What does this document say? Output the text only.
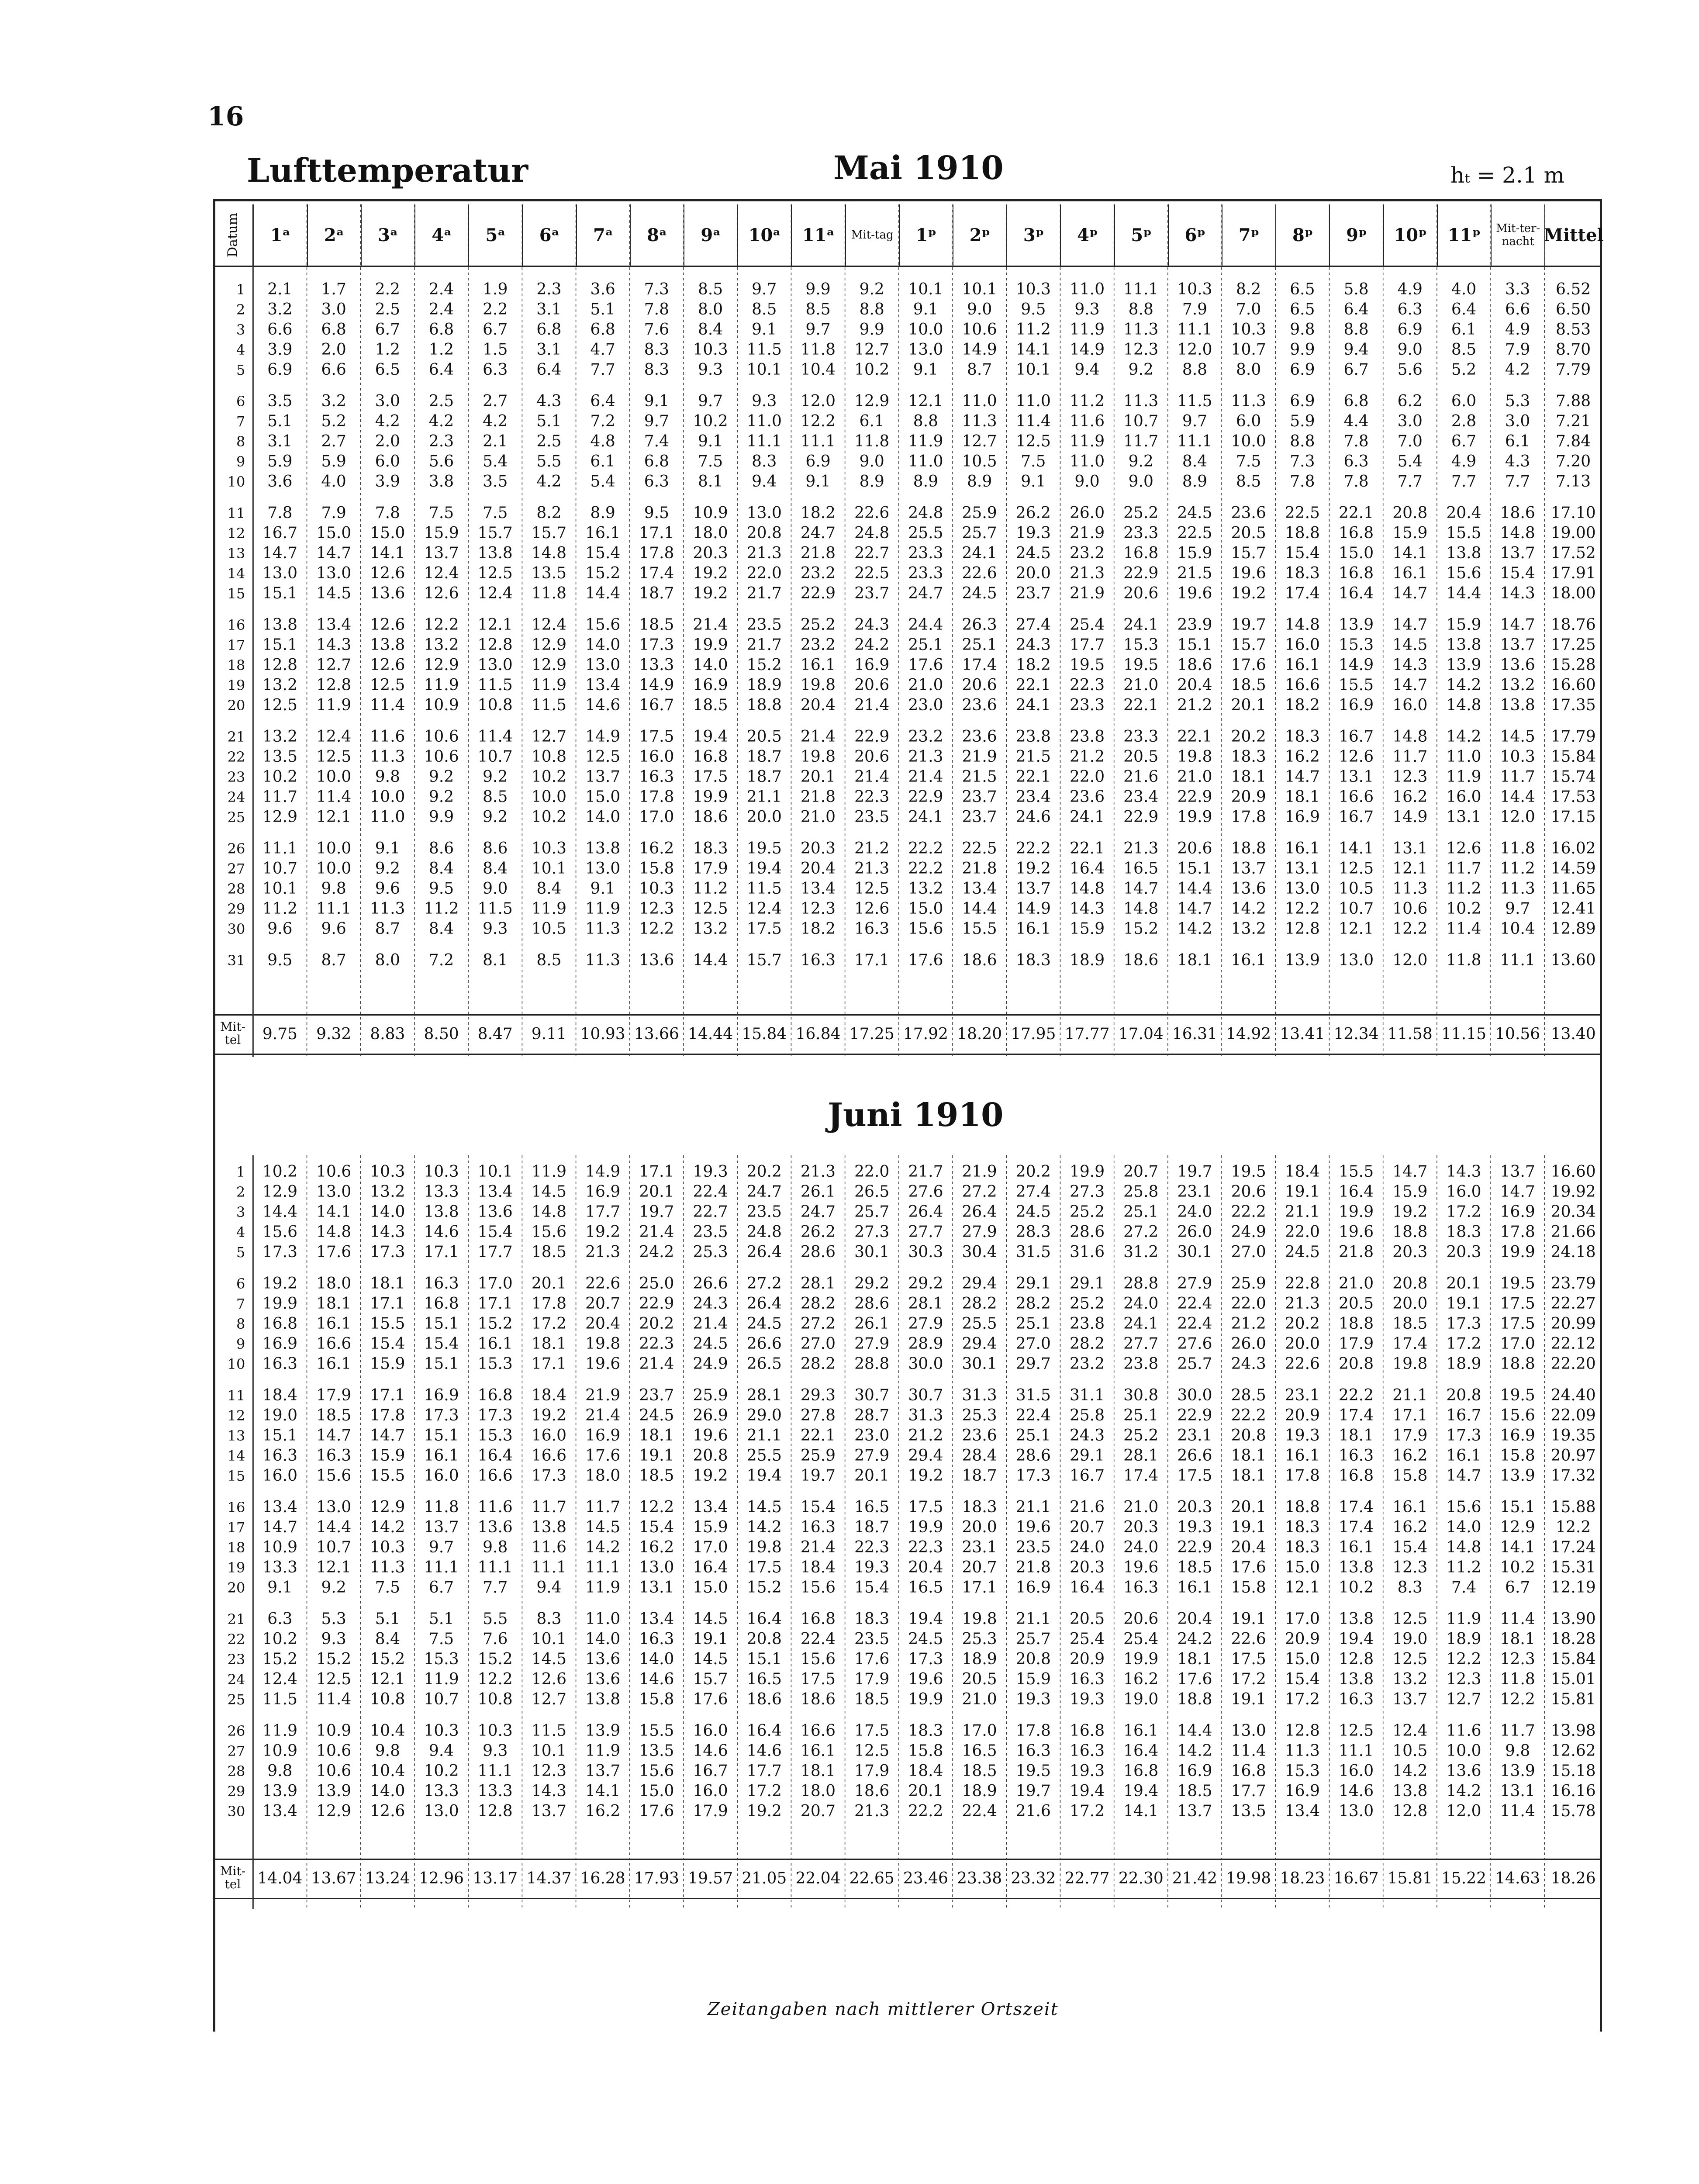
16
Lufttemperatur	Mai 1910	hₜ = 2.1 m
Datum	1ᵃ	2ᵃ	3ᵃ	4ᵃ	5ᵃ	6ᵃ	7ᵃ	8ᵃ	9ᵃ	10ᵃ	11ᵃ	Mit-tag	1ᵖ	2ᵖ	3ᵖ	4ᵖ	5ᵖ	6ᵖ	7ᵖ	8ᵖ	9ᵖ	10ᵖ	11ᵖ	Mit-ter-nacht Mittel
1	2.1	1.7	2.2	2.4	1.9	2.3	3.6	7.3	8.5	9.7	9.9	9.2	10.1	10.1	10.3	11.0	11.1	10.3	8.2	6.5	5.8	4.9	4.0	3.3	6.52
2	3.2	3.0	2.5	2.4	2.2	3.1	5.1	7.8	8.0	8.5	8.5	8.8	9.1	9.0	9.5	9.3	8.8	7.9	7.0	6.5	6.4	6.3	6.4	6.6	6.50
3	6.6	6.8	6.7	6.8	6.7	6.8	6.8	7.6	8.4	9.1	9.7	9.9	10.0	10.6	11.2	11.9	11.3	11.1	10.3	9.8	8.8	6.9	6.1	4.9	8.53
4	3.9	2.0	1.2	1.2	1.5	3.1	4.7	8.3	10.3	11.5	11.8	12.7	13.0	14.9	14.1	14.9	12.3	12.0	10.7	9.9	9.4	9.0	8.5	7.9	8.70
5	6.9	6.6	6.5	6.4	6.3	6.4	7.7	8.3	9.3	10.1	10.4	10.2	9.1	8.7	10.1	9.4	9.2	8.8	8.0	6.9	6.7	5.6	5.2	4.2	7.79
6	3.5	3.2	3.0	2.5	2.7	4.3	6.4	9.1	9.7	9.3	12.0	12.9	12.1	11.0	11.0	11.2	11.3	11.5	11.3	6.9	6.8	6.2	6.0	5.3	7.88
7	5.1	5.2	4.2	4.2	4.2	5.1	7.2	9.7	10.2	11.0	12.2	6.1	8.8	11.3	11.4	11.6	10.7	9.7	6.0	5.9	4.4	3.0	2.8	3.0	7.21
8	3.1	2.7	2.0	2.3	2.1	2.5	4.8	7.4	9.1	11.1	11.1	11.8	11.9	12.7	12.5	11.9	11.7	11.1	10.0	8.8	7.8	7.0	6.7	6.1	7.84
9	5.9	5.9	6.0	5.6	5.4	5.5	6.1	6.8	7.5	8.3	6.9	9.0	11.0	10.5	7.5	11.0	9.2	8.4	7.5	7.3	6.3	5.4	4.9	4.3	7.20
10	3.6	4.0	3.9	3.8	3.5	4.2	5.4	6.3	8.1	9.4	9.1	8.9	8.9	8.9	9.1	9.0	9.0	8.9	8.5	7.8	7.8	7.7	7.7	7.7	7.13
11	7.8	7.9	7.8	7.5	7.5	8.2	8.9	9.5	10.9	13.0	18.2	22.6	24.8	25.9	26.2	26.0	25.2	24.5	23.6	22.5	22.1	20.8	20.4	18.6 17.10
12	16.7	15.0	15.0	15.9	15.7	15.7	16.1	17.1	18.0	20.8	24.7	24.8	25.5	25.7	19.3	21.9	23.3	22.5	20.5	18.8	16.8	15.9	15.5	14.8 19.00
13	14.7	14.7	14.1	13.7	13.8	14.8	15.4	17.8	20.3	21.3	21.8	22.7	23.3	24.1	24.5	23.2	16.8	15.9	15.7	15.4	15.0	14.1	13.8	13.7 17.52
14	13.0	13.0	12.6	12.4	12.5	13.5	15.2	17.4	19.2	22.0	23.2	22.5	23.3	22.6	20.0	21.3	22.9	21.5	19.6	18.3	16.8	16.1	15.6	15.4 17.91
15	15.1	14.5	13.6	12.6	12.4	11.8	14.4	18.7	19.2	21.7	22.9	23.7	24.7	24.5	23.7	21.9	20.6	19.6	19.2	17.4	16.4	14.7	14.4	14.3 18.00
16	13.8	13.4	12.6	12.2	12.1	12.4	15.6	18.5	21.4	23.5	25.2	24.3	24.4	26.3	27.4	25.4	24.1	23.9	19.7	14.8	13.9	14.7	15.9	14.7 18.76
17	15.1	14.3	13.8	13.2	12.8	12.9	14.0	17.3	19.9	21.7	23.2	24.2	25.1	25.1	24.3	17.7	15.3	15.1	15.7	16.0	15.3	14.5	13.8	13.7 17.25
18	12.8	12.7	12.6	12.9	13.0	12.9	13.0	13.3	14.0	15.2	16.1	16.9	17.6	17.4	18.2	19.5	19.5	18.6	17.6	16.1	14.9	14.3	13.9	13.6 15.28
19	13.2	12.8	12.5	11.9	11.5	11.9	13.4	14.9	16.9	18.9	19.8	20.6	21.0	20.6	22.1	22.3	21.0	20.4	18.5	16.6	15.5	14.7	14.2	13.2 16.60
20	12.5	11.9	11.4	10.9	10.8	11.5	14.6	16.7	18.5	18.8	20.4	21.4	23.0	23.6	24.1	23.3	22.1	21.2	20.1	18.2	16.9	16.0	14.8	13.8 17.35
21	13.2	12.4	11.6	10.6	11.4	12.7	14.9	17.5	19.4	20.5	21.4	22.9	23.2	23.6	23.8	23.8	23.3	22.1	20.2	18.3	16.7	14.8	14.2	14.5 17.79
22	13.5	12.5	11.3	10.6	10.7	10.8	12.5	16.0	16.8	18.7	19.8	20.6	21.3	21.9	21.5	21.2	20.5	19.8	18.3	16.2	12.6	11.7	11.0	10.3 15.84
23	10.2	10.0	9.8	9.2	9.2	10.2	13.7	16.3	17.5	18.7	20.1	21.4	21.4	21.5	22.1	22.0	21.6	21.0	18.1	14.7	13.1	12.3	11.9	11.7 15.74
24	11.7	11.4	10.0	9.2	8.5	10.0	15.0	17.8	19.9	21.1	21.8	22.3	22.9	23.7	23.4	23.6	23.4	22.9	20.9	18.1	16.6	16.2	16.0	14.4 17.53
25	12.9	12.1	11.0	9.9	9.2	10.2	14.0	17.0	18.6	20.0	21.0	23.5	24.1	23.7	24.6	24.1	22.9	19.9	17.8	16.9	16.7	14.9	13.1	12.0 17.15
26	11.1	10.0	9.1	8.6	8.6	10.3	13.8	16.2	18.3	19.5	20.3	21.2	22.2	22.5	22.2	22.1	21.3	20.6	18.8	16.1	14.1	13.1	12.6	11.8 16.02
27	10.7	10.0	9.2	8.4	8.4	10.1	13.0	15.8	17.9	19.4	20.4	21.3	22.2	21.8	19.2	16.4	16.5	15.1	13.7	13.1	12.5	12.1	11.7	11.2 14.59
28	10.1	9.8	9.6	9.5	9.0	8.4	9.1	10.3	11.2	11.5	13.4	12.5	13.2	13.4	13.7	14.8	14.7	14.4	13.6	13.0	10.5	11.3	11.2	11.3 11.65
29	11.2	11.1	11.3	11.2	11.5	11.9	11.9	12.3	12.5	12.4	12.3	12.6	15.0	14.4	14.9	14.3	14.8	14.7	14.2	12.2	10.7	10.6	10.2	9.7	12.41
30	9.6	9.6	8.7	8.4	9.3	10.5	11.3	12.2	13.2	17.5	18.2	16.3	15.6	15.5	16.1	15.9	15.2	14.2	13.2	12.8	12.1	12.2	11.4	10.4 12.89
31	9.5	8.7	8.0	7.2	8.1	8.5	11.3	13.6	14.4	15.7	16.3	17.1	17.6	18.6	18.3	18.9	18.6	18.1	16.1	13.9	13.0	12.0	11.8	11.1 13.60
Mit-tel	9.75	9.32	8.83	8.50	8.47	9.11 10.93 13.66 14.44 15.84 16.84 17.25 17.92 18.20 17.95 17.77 17.04 16.31 14.92 13.41 12.34 11.58 11.15 10.56 13.40
Juni 1910
1	10.2	10.6	10.3	10.3	10.1	11.9	14.9	17.1	19.3	20.2	21.3	22.0	21.7	21.9	20.2	19.9	20.7	19.7	19.5	18.4	15.5	14.7	14.3	13.7 16.60
2	12.9	13.0	13.2	13.3	13.4	14.5	16.9	20.1	22.4	24.7	26.1	26.5	27.6	27.2	27.4	27.3	25.8	23.1	20.6	19.1	16.4	15.9	16.0	14.7 19.92
3	14.4	14.1	14.0	13.8	13.6	14.8	17.7	19.7	22.7	23.5	24.7	25.7	26.4	26.4	24.5	25.2	25.1	24.0	22.2	21.1	19.9	19.2	17.2	16.9 20.34
4	15.6	14.8	14.3	14.6	15.4	15.6	19.2	21.4	23.5	24.8	26.2	27.3	27.7	27.9	28.3	28.6	27.2	26.0	24.9	22.0	19.6	18.8	18.3	17.8 21.66
5	17.3	17.6	17.3	17.1	17.7	18.5	21.3	24.2	25.3	26.4	28.6	30.1	30.3	30.4	31.5	31.6	31.2	30.1	27.0	24.5	21.8	20.3	20.3	19.9 24.18
6	19.2	18.0	18.1	16.3	17.0	20.1	22.6	25.0	26.6	27.2	28.1	29.2	29.2	29.4	29.1	29.1	28.8	27.9	25.9	22.8	21.0	20.8	20.1	19.5 23.79
7	19.9	18.1	17.1	16.8	17.1	17.8	20.7	22.9	24.3	26.4	28.2	28.6	28.1	28.2	28.2	25.2	24.0	22.4	22.0	21.3	20.5	20.0	19.1	17.5 22.27
8	16.8	16.1	15.5	15.1	15.2	17.2	20.4	20.2	21.4	24.5	27.2	26.1	27.9	25.5	25.1	23.8	24.1	22.4	21.2	20.2	18.8	18.5	17.3	17.5 20.99
9	16.9	16.6	15.4	15.4	16.1	18.1	19.8	22.3	24.5	26.6	27.0	27.9	28.9	29.4	27.0	28.2	27.7	27.6	26.0	20.0	17.9	17.4	17.2	17.0 22.12
10	16.3	16.1	15.9	15.1	15.3	17.1	19.6	21.4	24.9	26.5	28.2	28.8	30.0	30.1	29.7	23.2	23.8	25.7	24.3	22.6	20.8	19.8	18.9	18.8 22.20
11	18.4	17.9	17.1	16.9	16.8	18.4	21.9	23.7	25.9	28.1	29.3	30.7	30.7	31.3	31.5	31.1	30.8	30.0	28.5	23.1	22.2	21.1	20.8	19.5 24.40
12	19.0	18.5	17.8	17.3	17.3	19.2	21.4	24.5	26.9	29.0	27.8	28.7	31.3	25.3	22.4	25.8	25.1	22.9	22.2	20.9	17.4	17.1	16.7	15.6 22.09
13	15.1	14.7	14.7	15.1	15.3	16.0	16.9	18.1	19.6	21.1	22.1	23.0	21.2	23.6	25.1	24.3	25.2	23.1	20.8	19.3	18.1	17.9	17.3	16.9 19.35
14	16.3	16.3	15.9	16.1	16.4	16.6	17.6	19.1	20.8	25.5	25.9	27.9	29.4	28.4	28.6	29.1	28.1	26.6	18.1	16.1	16.3	16.2	16.1	15.8 20.97
15	16.0	15.6	15.5	16.0	16.6	17.3	18.0	18.5	19.2	19.4	19.7	20.1	19.2	18.7	17.3	16.7	17.4	17.5	18.1	17.8	16.8	15.8	14.7	13.9 17.32
16	13.4	13.0	12.9	11.8	11.6	11.7	11.7	12.2	13.4	14.5	15.4	16.5	17.5	18.3	21.1	21.6	21.0	20.3	20.1	18.8	17.4	16.1	15.6	15.1 15.88
17	14.7	14.4	14.2	13.7	13.6	13.8	14.5	15.4	15.9	14.2	16.3	18.7	19.9	20.0	19.6	20.7	20.3	19.3	19.1	18.3	17.4	16.2	14.0	12.9	12.2
18	10.9	10.7	10.3	9.7	9.8	11.6	14.2	16.2	17.0	19.8	21.4	22.3	22.3	23.1	23.5	24.0	24.0	22.9	20.4	18.3	16.1	15.4	14.8	14.1 17.24
19	13.3	12.1	11.3	11.1	11.1	11.1	11.1	13.0	16.4	17.5	18.4	19.3	20.4	20.7	21.8	20.3	19.6	18.5	17.6	15.0	13.8	12.3	11.2	10.2 15.31
20	9.1	9.2	7.5	6.7	7.7	9.4	11.9	13.1	15.0	15.2	15.6	15.4	16.5	17.1	16.9	16.4	16.3	16.1	15.8	12.1	10.2	8.3	7.4	6.7	12.19
21	6.3	5.3	5.1	5.1	5.5	8.3	11.0	13.4	14.5	16.4	16.8	18.3	19.4	19.8	21.1	20.5	20.6	20.4	19.1	17.0	13.8	12.5	11.9	11.4 13.90
22	10.2	9.3	8.4	7.5	7.6	10.1	14.0	16.3	19.1	20.8	22.4	23.5	24.5	25.3	25.7	25.4	25.4	24.2	22.6	20.9	19.4	19.0	18.9	18.1 18.28
23	15.2	15.2	15.2	15.3	15.2	14.5	13.6	14.0	14.5	15.1	15.6	17.6	17.3	18.9	20.8	20.9	19.9	18.1	17.5	15.0	12.8	12.5	12.2	12.3 15.84
24	12.4	12.5	12.1	11.9	12.2	12.6	13.6	14.6	15.7	16.5	17.5	17.9	19.6	20.5	15.9	16.3	16.2	17.6	17.2	15.4	13.8	13.2	12.3	11.8 15.01
25	11.5	11.4	10.8	10.7	10.8	12.7	13.8	15.8	17.6	18.6	18.6	18.5	19.9	21.0	19.3	19.3	19.0	18.8	19.1	17.2	16.3	13.7	12.7	12.2 15.81
26	11.9	10.9	10.4	10.3	10.3	11.5	13.9	15.5	16.0	16.4	16.6	17.5	18.3	17.0	17.8	16.8	16.1	14.4	13.0	12.8	12.5	12.4	11.6	11.7 13.98
27	10.9	10.6	9.8	9.4	9.3	10.1	11.9	13.5	14.6	14.6	16.1	12.5	15.8	16.5	16.3	16.3	16.4	14.2	11.4	11.3	11.1	10.5	10.0	9.8	12.62
28	9.8	10.6	10.4	10.2	11.1	12.3	13.7	15.6	16.7	17.7	18.1	17.9	18.4	18.5	19.5	19.3	16.8	16.9	16.8	15.3	16.0	14.2	13.6	13.9 15.18
29	13.9	13.9	14.0	13.3	13.3	14.3	14.1	15.0	16.0	17.2	18.0	18.6	20.1	18.9	19.7	19.4	19.4	18.5	17.7	16.9	14.6	13.8	14.2	13.1 16.16
30	13.4	12.9	12.6	13.0	12.8	13.7	16.2	17.6	17.9	19.2	20.7	21.3	22.2	22.4	21.6	17.2	14.1	13.7	13.5	13.4	13.0	12.8	12.0	11.4 15.78
Mit-tel	14.04 13.67 13.24 12.96 13.17 14.37 16.28 17.93 19.57 21.05 22.04 22.65 23.46 23.38 23.32 22.77 22.30 21.42 19.98 18.23 16.67 15.81 15.22 14.63 18.26
Zeitangaben nach mittlerer Ortszeit
